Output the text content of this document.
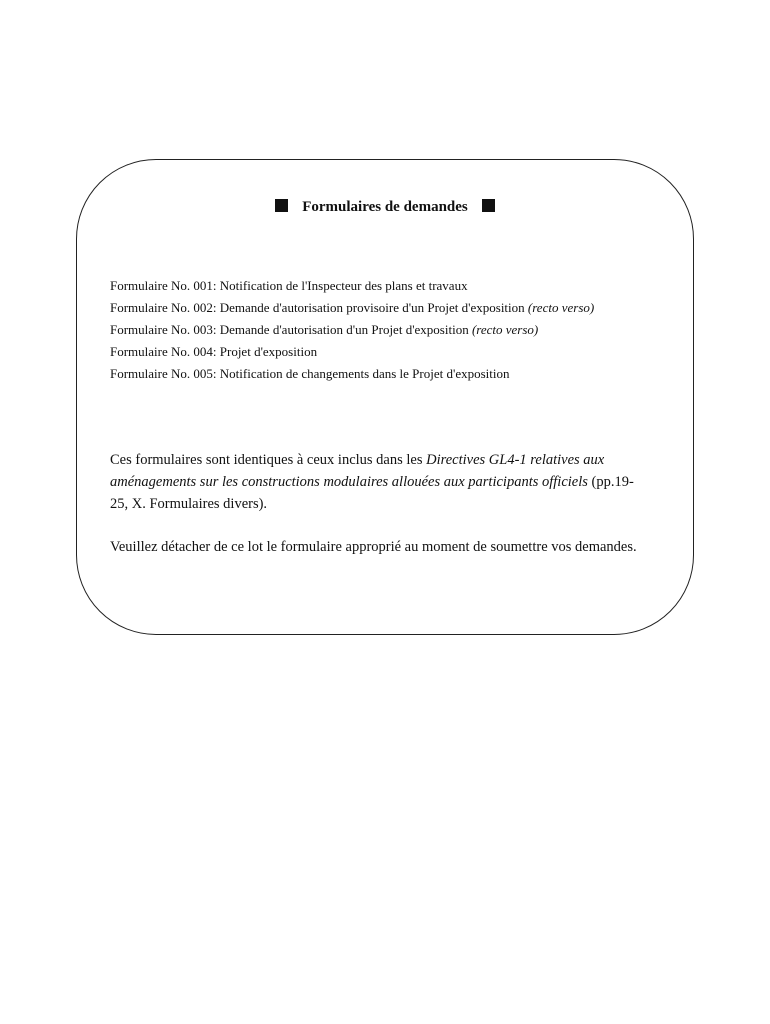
Formulaires de demandes
Formulaire No. 001: Notification de l'Inspecteur des plans et travaux
Formulaire No. 002: Demande d'autorisation provisoire d'un Projet d'exposition (recto verso)
Formulaire No. 003: Demande d'autorisation d'un Projet d'exposition (recto verso)
Formulaire No. 004: Projet d'exposition
Formulaire No. 005: Notification de changements dans le Projet d'exposition
Ces formulaires sont identiques à ceux inclus dans les Directives GL4-1 relatives aux aménagements sur les constructions modulaires allouées aux participants officiels (pp.19-25, X. Formulaires divers).
Veuillez détacher de ce lot le formulaire approprié au moment de soumettre vos demandes.
